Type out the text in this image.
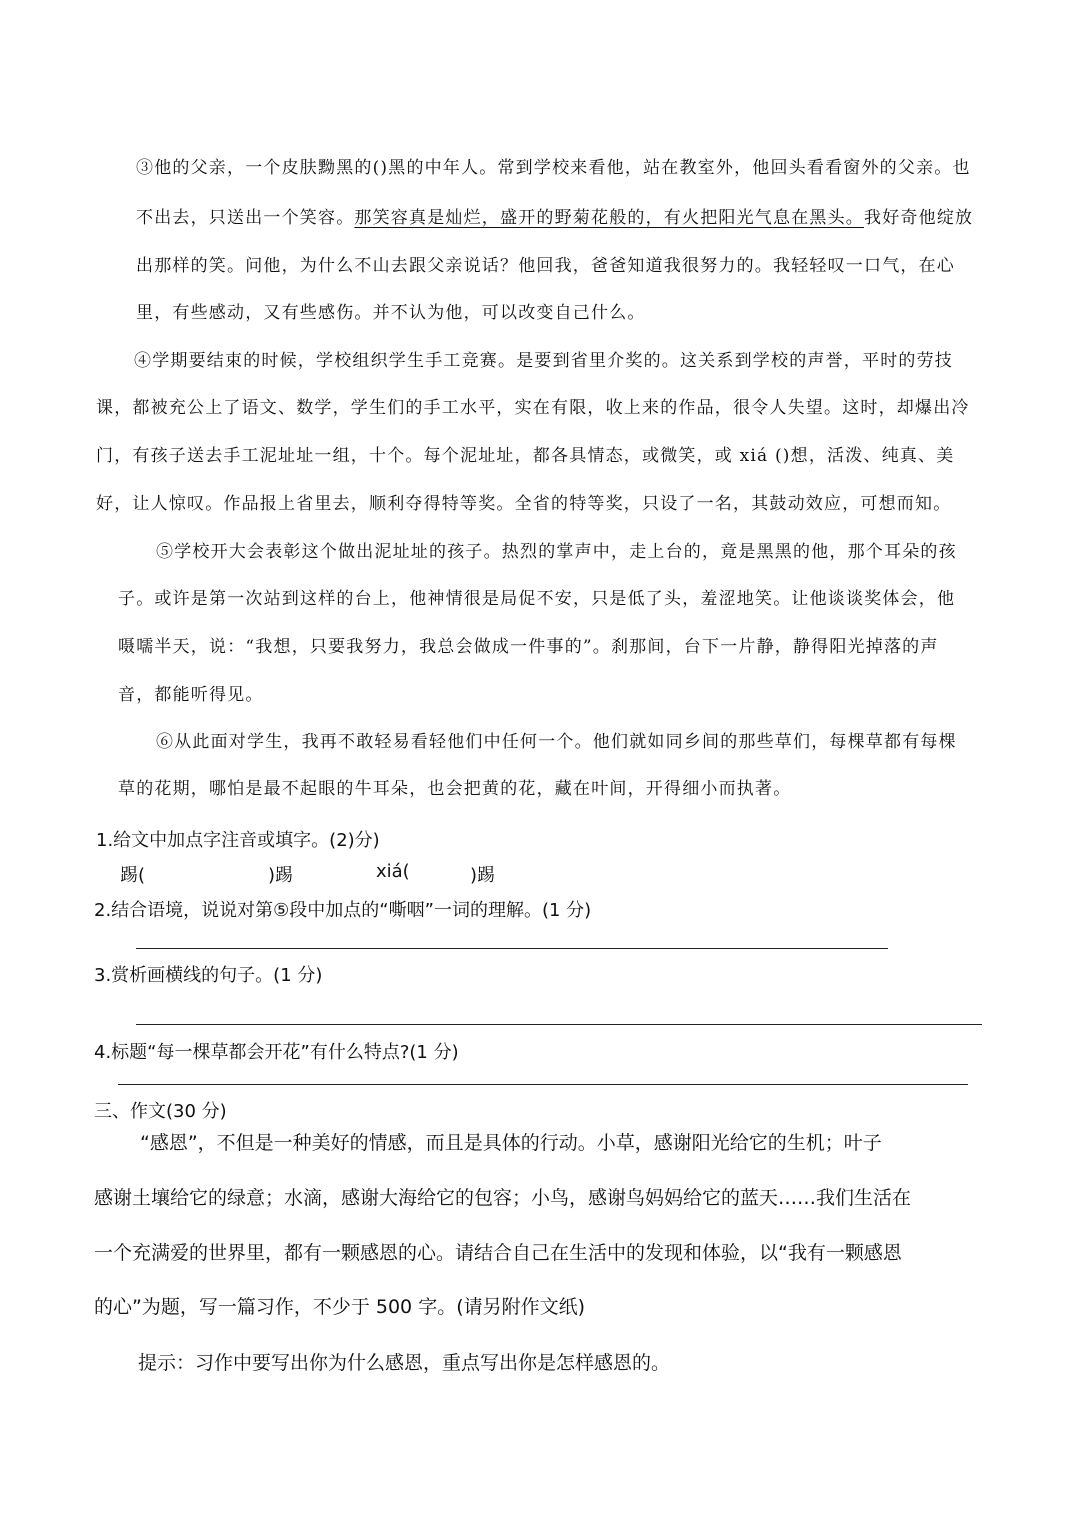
③他的父亲，一个皮肤黝黑的()黑的中年人。常到学校来看他，站在教室外，他回头看看窗外的父亲。也
不出去，只送出一个笑容。那笑容真是灿烂，盛开的野菊花般的，有火把阳光气息在黑头。我好奇他绽放
出那样的笑。问他，为什么不山去跟父亲说话？他回我，爸爸知道我很努力的。我轻轻叹一口气，在心
里，有些感动，又有些感伤。并不认为他，可以改变自己什么。
④学期要结束的时候，学校组织学生手工竞赛。是要到省里介奖的。这关系到学校的声誉，平时的劳技
课，都被充公上了语文、数学，学生们的手工水平，实在有限，收上来的作品，很令人失望。这时，却爆出冷
门，有孩子送去手工泥址址一组，十个。每个泥址址，都各具情态，或微笑，或 xiá ()想，活泼、纯真、美
好，让人惊叹。作品报上省里去，顺利夺得特等奖。全省的特等奖，只设了一名，其鼓动效应，可想而知。
⑤学校开大会表彰这个做出泥址址的孩子。热烈的掌声中，走上台的，竟是黑黑的他，那个耳朵的孩
子。或许是第一次站到这样的台上，他神情很是局促不安，只是低了头，羞涩地笑。让他谈谈奖体会，他
嗫嚅半天，说：“我想，只要我努力，我总会做成一件事的”。刹那间，台下一片静，静得阳光掉落的声
音，都能听得见。
⑥从此面对学生，我再不敢轻易看轻他们中任何一个。他们就如同乡间的那些草们，每棵草都有每棵
草的花期，哪怕是最不起眼的牛耳朵，也会把黄的花，藏在叶间，开得细小而执著。
1.给文中加点字注音或填字。(2)分)
踢(	)踢	xiá(	)踢
2.结合语境，说说对第⑤段中加点的“嘶咽”一词的理解。(1 分)
3.赏析画横线的句子。(1 分)
4.标题“每一棵草都会开花”有什么特点?(1 分)
三、作文(30 分)
“感恩”，不但是一种美好的情感，而且是具体的行动。小草，感谢阳光给它的生机；叶子
感谢土壤给它的绿意；水滴，感谢大海给它的包容；小鸟，感谢鸟妈妈给它的蓝天……我们生活在
一个充满爱的世界里，都有一颗感恩的心。请结合自己在生活中的发现和体验，以“我有一颗感恩
的心”为题，写一篇习作，不少于 500 字。(请另附作文纸)
提示：习作中要写出你为什么感恩，重点写出你是怎样感恩的。
